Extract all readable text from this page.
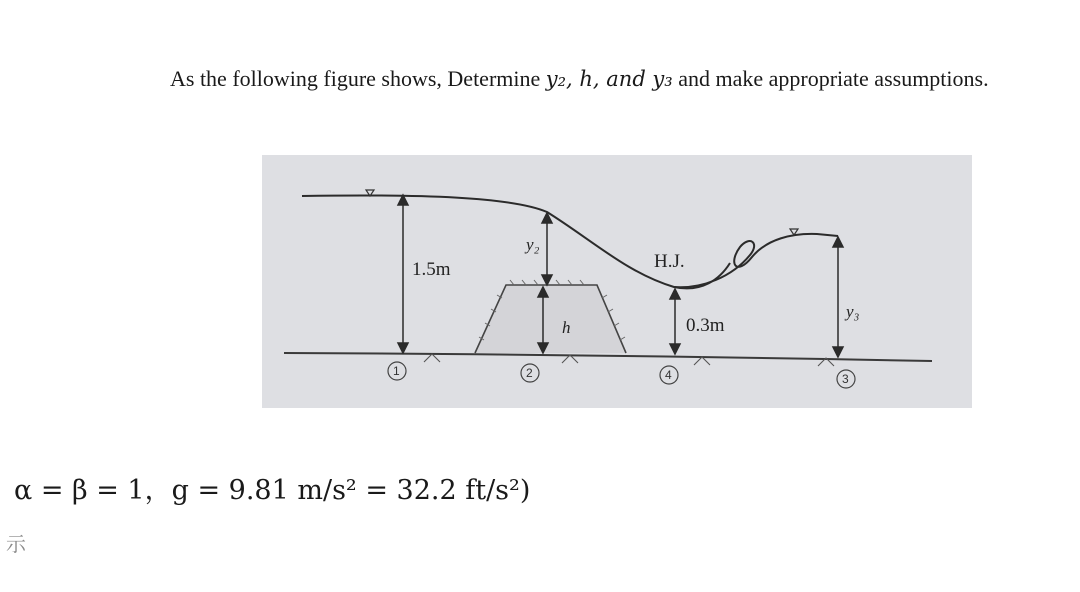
As the following figure shows, Determine y₂, h, and y₃ and make appropriate assumptions.
1.5m
y₂
h
H.J.
0.3m
y₃
1	2	4	3
α = β = 1，g = 9.81 m/s² = 32.2 ft/s²)
示
